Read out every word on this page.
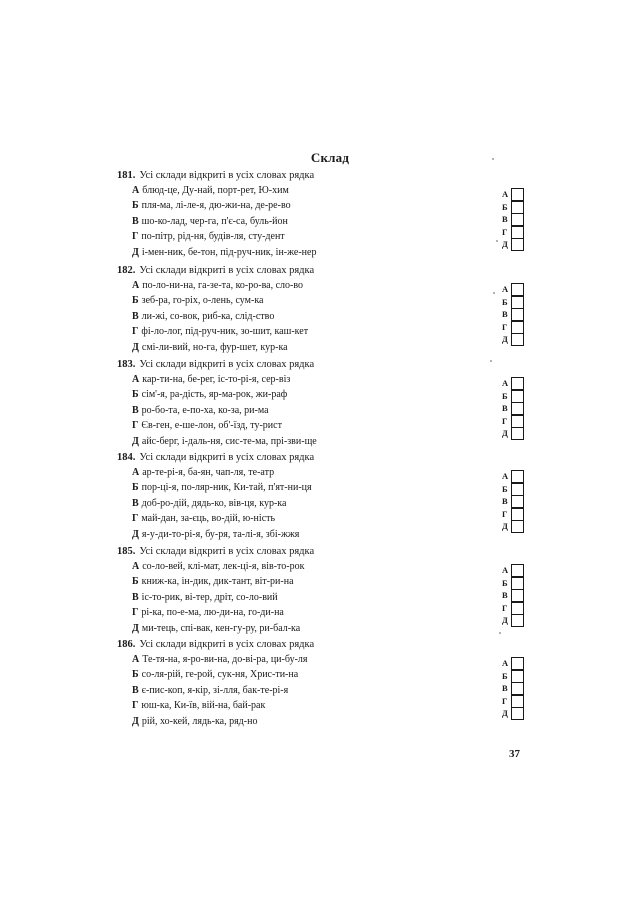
Склад
181. Усі склади відкриті в усіх словах рядка
А блюд-це, Ду-най, порт-рет, Ю-хим
Б пля-ма, лі-ле-я, дю-жи-на, де-ре-во
В шо-ко-лад, чер-га, п'є-са, буль-йон
Г по-пітр, рід-ня, будів-ля, сту-дент
Д і-мен-ник, бе-тон, під-руч-ник, ін-же-нер
А
Б
В
Г
Д
182. Усі склади відкриті в усіх словах рядка
А по-ло-ни-на, га-зе-та, ко-ро-ва, сло-во
Б зеб-ра, го-ріх, о-лень, сум-ка
В ли-жі, со-вок, риб-ка, слід-ство
Г фі-ло-лог, під-руч-ник, зо-шит, каш-кет
Д смі-ли-вий, но-га, фур-шет, кур-ка
А
Б
В
Г
Д
183. Усі склади відкриті в усіх словах рядка
А кар-ти-на, бе-рег, іс-то-рі-я, сер-віз
Б сім'-я, ра-дість, яр-ма-рок, жи-раф
В ро-бо-та, е-по-ха, ко-за, ри-ма
Г Єв-ген, е-ше-лон, об'-їзд, ту-рист
Д айс-берг, і-даль-ня, сис-те-ма, прі-зви-ще
А
Б
В
Г
Д
184. Усі склади відкриті в усіх словах рядка
А ар-те-рі-я, ба-ян, чап-ля, те-атр
Б пор-ці-я, по-ляр-ник, Ки-тай, п'ят-ни-ця
В доб-ро-дій, дядь-ко, вів-ця, кур-ка
Г май-дан, за-єць, во-дій, ю-ність
Д я-у-ди-то-рі-я, бу-ря, та-лі-я, збі-жжя
А
Б
В
Г
Д
185. Усі склади відкриті в усіх словах рядка
А со-ло-вей, клі-мат, лек-ці-я, вів-то-рок
Б книж-ка, ін-дик, дик-тант, віт-ри-на
В іс-то-рик, ві-тер, дріт, со-ло-вий
Г рі-ка, по-е-ма, лю-ди-на, го-ди-на
Д ми-тець, спі-вак, кен-гу-ру, ри-бал-ка
А
Б
В
Г
Д
186. Усі склади відкриті в усіх словах рядка
А Те-тя-на, я-ро-ви-на, до-ві-ра, ци-бу-ля
Б со-ля-рій, ге-рой, сук-ня, Хрис-ти-на
В є-пис-коп, я-кір, зі-лля, бак-те-рі-я
Г юш-ка, Ки-їв, вій-на, бай-рак
Д рій, хо-кей, лядь-ка, ряд-но
А
Б
В
Г
Д
37
